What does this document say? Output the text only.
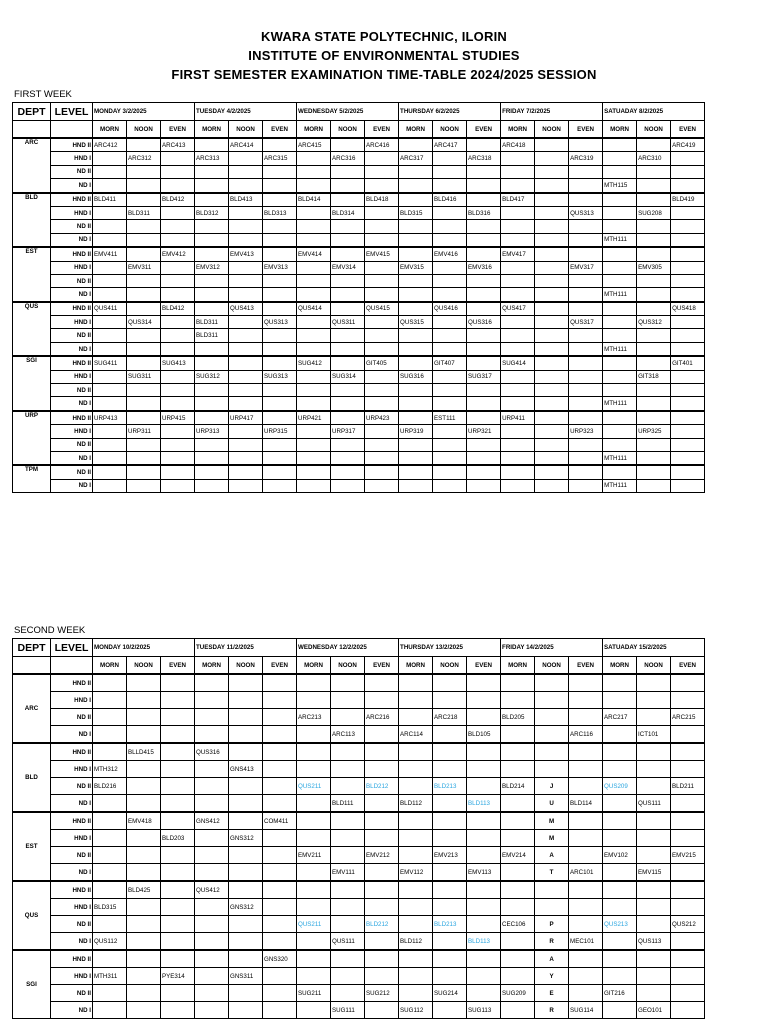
KWARA STATE POLYTECHNIC, ILORIN
INSTITUTE OF ENVIRONMENTAL STUDIES
FIRST SEMESTER EXAMINATION TIME-TABLE 2024/2025 SESSION
FIRST WEEK
DEPT	LEVEL	MONDAY 3/2/2025			TUESDAY 4/2/2025			WEDNESDAY 5/2/2025			THURSDAY 6/2/2025			FRIDAY 7/2/2025			SATUADAY 8/2/2025		
		MORN	NOON	EVEN	MORN	NOON	EVEN	MORN	NOON	EVEN	MORN	NOON	EVEN	MORN	NOON	EVEN	MORN	NOON	EVEN
ARC	HND II	ARC412		ARC413		ARC414		ARC415		ARC416		ARC417		ARC418					ARC419
	HND I		ARC312		ARC313		ARC315		ARC316		ARC317		ARC318			ARC319		ARC310	
	ND II																		
	ND I																MTH115		
BLD	HND II	BLD411		BLD412		BLD413		BLD414		BLD418		BLD416		BLD417					BLD419
	HND I		BLD311		BLD312		BLD313		BLD314		BLD315		BLD316			QUS313		SUG208	
	ND II																		
	ND I																MTH111		
EST	HND II	EMV411		EMV412		EMV413		EMV414		EMV415		EMV416		EMV417					
	HND I		EMV311		EMV312		EMV313		EMV314		EMV315		EMV316			EMV317		EMV305	
	ND II																		
	ND I																MTH111		
QUS	HND II	QUS411		BLD412		QUS413		QUS414		QUS415		QUS416		QUS417					QUS418
	HND I		QUS314		BLD311		QUS313		QUS311		QUS315		QUS316			QUS317		QUS312	
	ND II				BLD311														
	ND I																MTH111		
SGI	HND II	SUG411		SUG413				SUG412		GIT405		GIT407		SUG414					GIT401
	HND I		SUG311		SUG312		SUG313		SUG314		SUG316		SUG317					GIT318	
	ND II																		
	ND I																MTH111		
URP	HND II	URP413		URP415		URP417		URP421		URP423		EST111		URP411					
	HND I		URP311		URP313		URP315		URP317		URP319		URP321			URP323		URP325	
	ND II																		
	ND I																MTH111		
TPM	ND II																		
	ND I																MTH111		
SECOND WEEK
DEPT	LEVEL	MONDAY 10/2/2025			TUESDAY 11/2/2025			WEDNESDAY 12/2/2025			THURSDAY 13/2/2025			FRIDAY 14/2/2025			SATUADAY 15/2/2025		
		MORN	NOON	EVEN	MORN	NOON	EVEN	MORN	NOON	EVEN	MORN	NOON	EVEN	MORN	NOON	EVEN	MORN	NOON	EVEN
ARC	HND II																		
	HND I																		
	ND II							ARC213		ARC216		ARC218		BLD205			ARC217		ARC215
	ND I								ARC113		ARC114		BLD105			ARC116		ICT101	
BLD	HND II		BLLD415		QUS316														
	HND I	MTH312				GNS413													
	ND II	BLD216						QUS211		BLD212		BLD213		BLD214	J		QUS209		BLD211
	ND I								BLD111		BLD112		BLD113		U	BLD114		QUS111	
EST	HND II		EMV418		GNS412		COM411								M				
	HND I			BLD203		GNS312									M				
	ND II							EMV211		EMV212		EMV213		EMV214	A		EMV102		EMV215
	ND I								EMV111		EMV112		EMV113		T	ARC101		EMV115	
QUS	HND II		BLD425		QUS412														
	HND I	BLD315				GNS312													
	ND II							QUS211		BLD212		BLD213		CEC106	P		QUS213		QUS212
	ND I	QUS112							QUS111		BLD112		BLD113		R	MEC101		QUS113	
SGI	HND II						GNS320								A				
	HND I	MTH311		PYE314		GNS311									Y				
	ND II							SUG211		SUG212		SUG214		SUG209	E		GIT216		
	ND I								SUG111		SUG112		SUG113		R	SUG114		GEO101	
